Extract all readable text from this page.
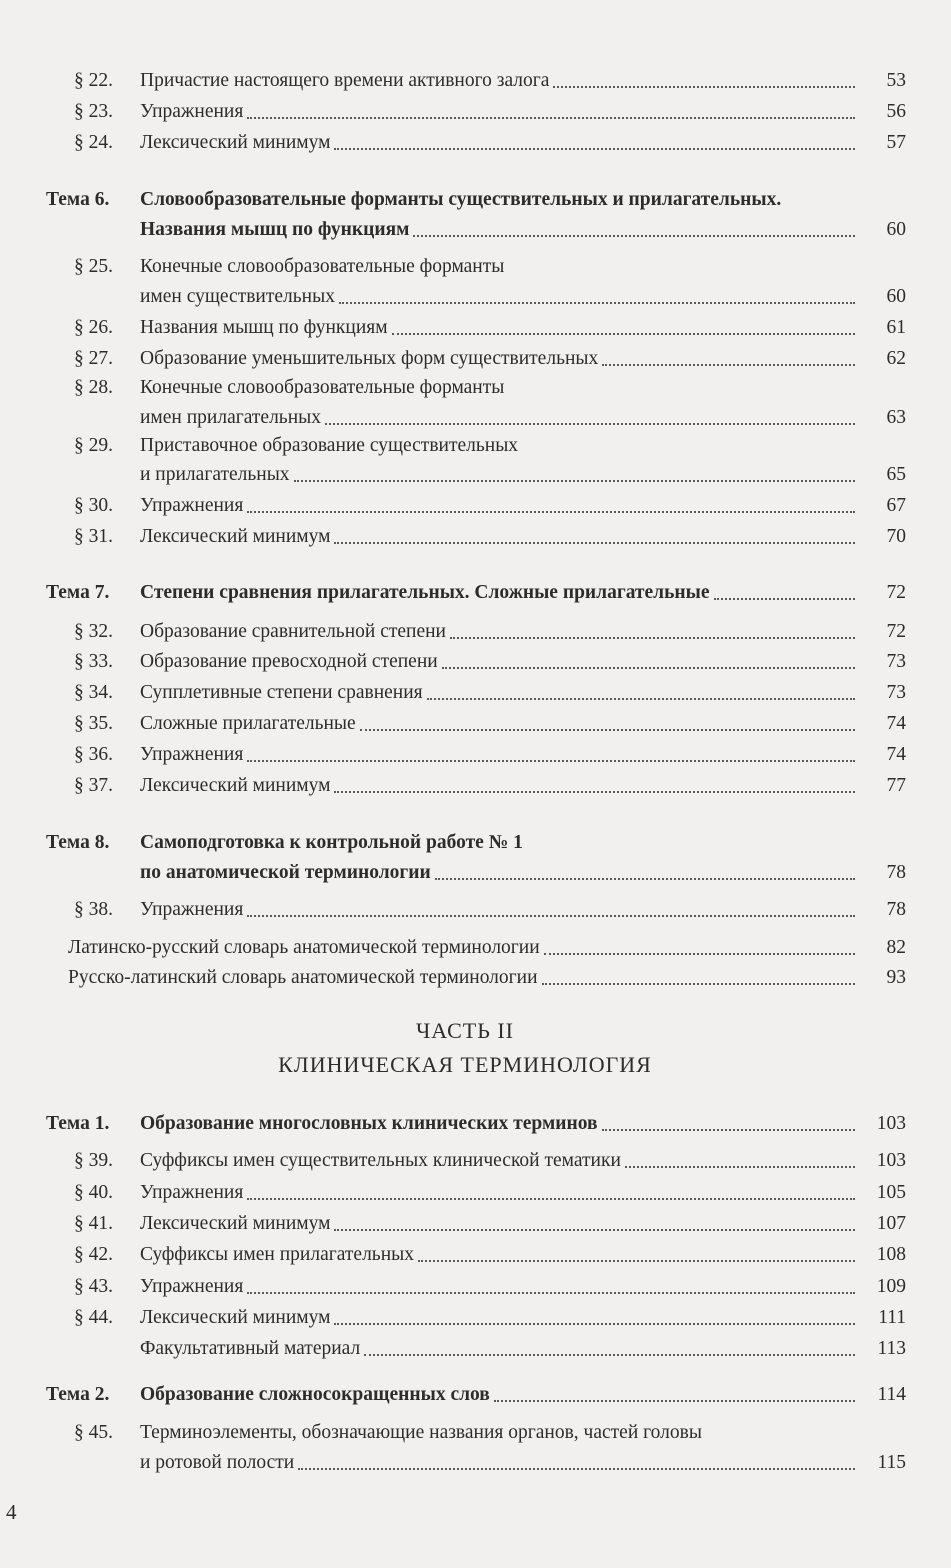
§ 22. Причастие настоящего времени активного залога	53
§ 23. Упражнения	56
§ 24. Лексический минимум	57
Тема 6. Словообразовательные форманты существительных и прилагательных.
Названия мышц по функциям	60
§ 25. Конечные словообразовательные форманты
имен существительных	60
§ 26. Названия мышц по функциям	61
§ 27. Образование уменьшительных форм существительных	62
§ 28. Конечные словообразовательные форманты
имен прилагательных	63
§ 29. Приставочное образование существительных
и прилагательных	65
§ 30. Упражнения	67
§ 31. Лексический минимум	70
Тема 7. Степени сравнения прилагательных. Сложные прилагательные	72
§ 32. Образование сравнительной степени	72
§ 33. Образование превосходной степени	73
§ 34. Супплетивные степени сравнения	73
§ 35. Сложные прилагательные	74
§ 36. Упражнения	74
§ 37. Лексический минимум	77
Тема 8. Самоподготовка к контрольной работе № 1
по анатомической терминологии	78
§ 38. Упражнения	78
Латинско-русский словарь анатомической терминологии	82
Русско-латинский словарь анатомической терминологии	93
Тема 1. Образование многословных клинических терминов	103
§ 39. Суффиксы имен существительных клинической тематики	103
§ 40. Упражнения	105
§ 41. Лексический минимум	107
§ 42. Суффиксы имен прилагательных	108
§ 43. Упражнения	109
§ 44. Лексический минимум	111
Факультативный материал	113
Тема 2. Образование сложносокращенных слов	114
§ 45. Терминоэлементы, обозначающие названия органов, частей головы
и ротовой полости	115
ЧАСТЬ II
КЛИНИЧЕСКАЯ ТЕРМИНОЛОГИЯ
4
